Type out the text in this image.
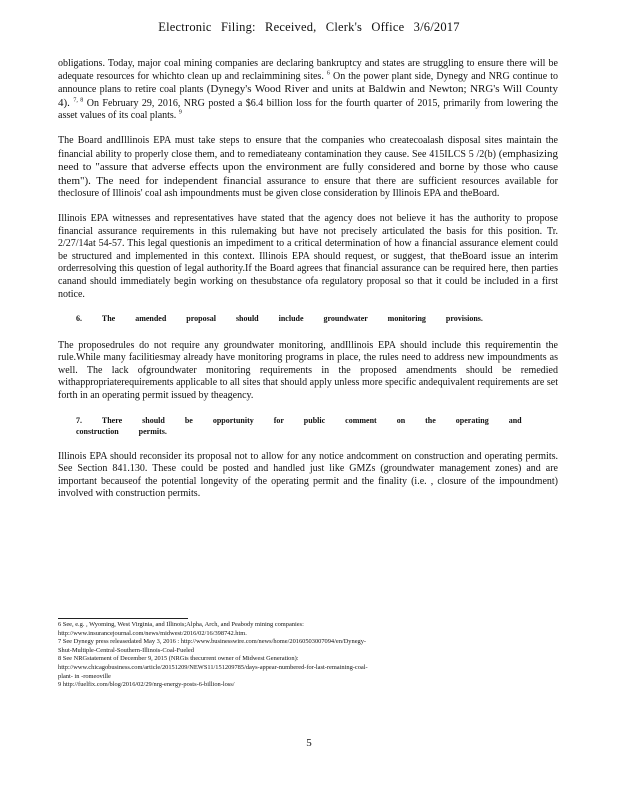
Electronic Filing: Received, Clerk's Office 3/6/2017

obligations. Today, major coal mining companies are declaring bankruptcy and states are struggling to ensure there will be adequate resources for whichto clean up and reclaimmining sites. $^6$ On the power plant side, Dynegy and NRG continue to announce plans to retire coal plants (Dynegy's Wood River and units at Baldwin and Newton; NRG's Will County 4). $^{7, 8}$ On February 29, 2016, NRG posted a $6.4 billion loss for the fourth quarter of 2015, primarily from lowering the asset values of its coal plants. $^9$

The Board andIllinois EPA must take steps to ensure that the companies who createcoalash disposal sites maintain the financial ability to properly close them, and to remediateany contamination they cause. See 415ILCS 5 /2(b) (emphasizing need to "assure that adverse effects upon the environment are fully considered and borne by those who cause them"). The need for independent financial assurance to ensure that there are sufficient resources available for theclosure of Illinois' coal ash impoundments must be given close consideration by Illinois EPA and theBoard.

Illinois EPA witnesses and representatives have stated that the agency does not believe it has the authority to propose financial assurance requirements in this rulemaking but have not precisely articulated the basis for this position. Tr. 2/27/14at 54-57. This legal questionis an impediment to a critical determination of how a financial assurance element could be structured and implemented in this context. Illinois EPA should request, or suggest, that theBoard issue an interim orderresolving this question of legal authority.If the Board agrees that financial assurance can be required here, then parties canand should immediately begin working on thesubstance ofa regulatory proposal so that it could be included in a first notice.

6. The amended proposal should include groundwater monitoring provisions.

The proposedrules do not require any groundwater monitoring, andIllinois EPA should include this requirementin the rule.While many facilitiesmay already have monitoring programs in place, the rules need to address new impoundments as well. The lack ofgroundwater monitoring requirements in the proposed amendments should be remedied withappropriaterequirements applicable to all sites that should apply unless more specific andequivalent requirements are set forth in an operating permit issued by theagency.

7. There should be opportunity for public comment on the operating and construction permits.

Illinois EPA should reconsider its proposal not to allow for any notice andcomment on construction and operating permits. See Section 841.130. These could be posted and handled just like GMZs (groundwater management zones) and are important becauseof the potential longevity of the operating permit and the finality (i.e. , closure of the impoundment) involved with construction permits.

6 See, e.g. , Wyoming, West Virginia, and Illinois;Alpha, Arch, and Peabody mining companies:
http://www.insurancejournal.com/news/midwest/2016/02/16/398742.htm.
7 See Dynegy press releasedated May 3, 2016 : http://www.businesswire.com/news/home/20160503007094/en/Dynegy-
Shut-Multiple-Central-Southern-Illinois-Coal-Fueled
8 See NRGstatement of December 9, 2015 (NRGis thecurrent owner of Midwest Generation):
http://www.chicagobusiness.com/article/20151209/NEWS11/151209785/days-appear-numbered-for-last-remaining-coal-
plant- in -romeoville
9 http://fuelfix.com/blog/2016/02/29/nrg-energy-posts-6-billion-loss/
5
